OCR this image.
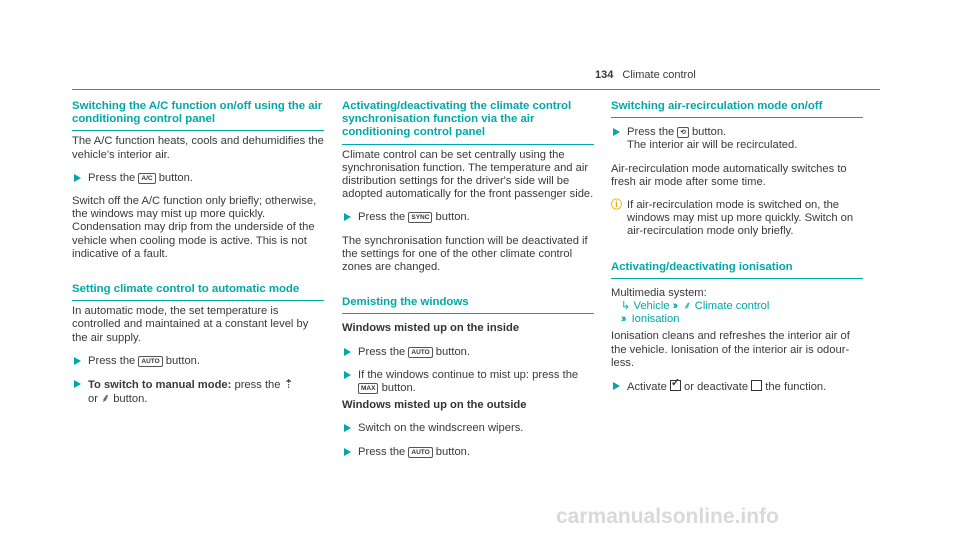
134 Climate control
Switching the A/C function on/off using the air conditioning control panel

The A/C function heats, cools and dehumidifies the vehicle's interior air.

Press the A/C button.

Switch off the A/C function only briefly; otherwise, the windows may mist up more quickly.

Condensation may drip from the underside of the vehicle when cooling mode is active. This is not indicative of a fault.

Setting climate control to automatic mode

In automatic mode, the set temperature is controlled and maintained at a constant level by the air supply.

Press the AUTO button.
To switch to manual mode: press the ⇡
or ⸙ button.
Activating/deactivating the climate control synchronisation function via the air conditioning control panel

Climate control can be set centrally using the synchronisation function. The temperature and air distribution settings for the driver's side will be adopted automatically for the front passenger side.

Press the SYNC button.

The synchronisation function will be deactivated if the settings for one of the other climate control zones are changed.

Demisting the windows
Windows misted up on the inside
Press the AUTO button.
If the windows continue to mist up: press the
MAX button.
Windows misted up on the outside
Switch on the windscreen wipers.
Press the AUTO button.
Switching air-recirculation mode on/off
Press the ⟲ button.
The interior air will be recirculated.

Air-recirculation mode automatically switches to fresh air mode after some time.

ⓘ If air-recirculation mode is switched on, the windows may mist up more quickly. Switch on air-recirculation mode only briefly.
Activating/deactivating ionisation

Multimedia system:

↳ Vehicle ›› ⸙ Climate control
›› Ionisation

Ionisation cleans and refreshes the interior air of the vehicle. Ionisation of the interior air is odour-less.

Activate ✓ or deactivate the function.
carmanualsonline.info
